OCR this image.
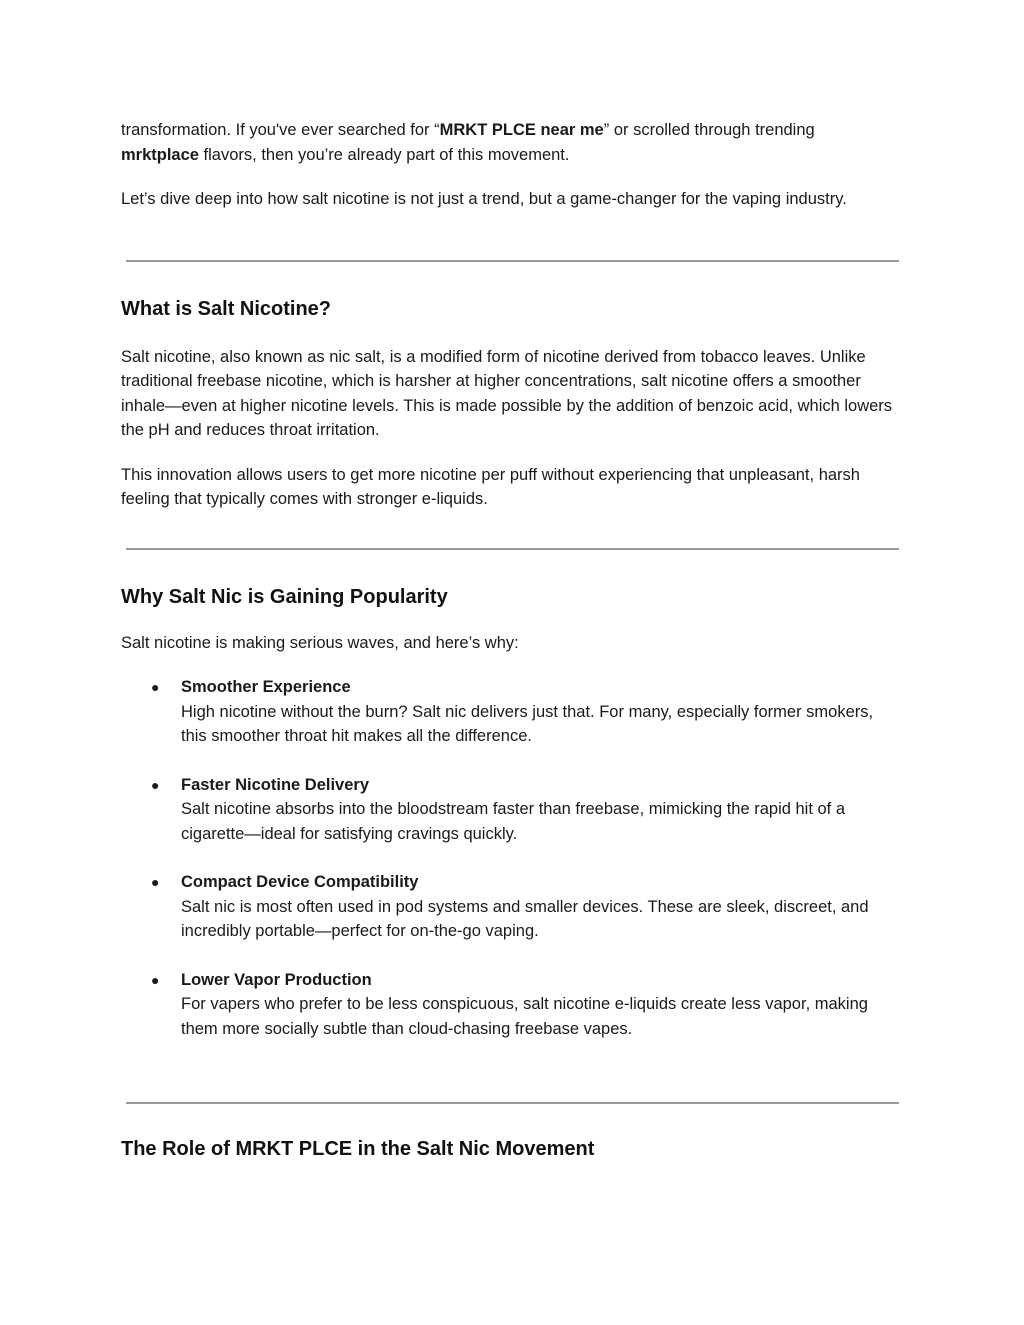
transformation. If you've ever searched for “MRKT PLCE near me” or scrolled through trending
mrktplace flavors, then you’re already part of this movement.

Let’s dive deep into how salt nicotine is not just a trend, but a game-changer for the vaping industry.

What is Salt Nicotine?

Salt nicotine, also known as nic salt, is a modified form of nicotine derived from tobacco leaves. Unlike traditional freebase nicotine, which is harsher at higher concentrations, salt nicotine offers a smoother inhale—even at higher nicotine levels. This is made possible by the addition of benzoic acid, which lowers the pH and reduces throat irritation.

This innovation allows users to get more nicotine per puff without experiencing that unpleasant, harsh feeling that typically comes with stronger e-liquids.

Why Salt Nic is Gaining Popularity

Salt nicotine is making serious waves, and here’s why:

● Smoother Experience
High nicotine without the burn? Salt nic delivers just that. For many, especially former smokers, this smoother throat hit makes all the difference.
● Faster Nicotine Delivery
Salt nicotine absorbs into the bloodstream faster than freebase, mimicking the rapid hit of a cigarette—ideal for satisfying cravings quickly.
● Compact Device Compatibility
Salt nic is most often used in pod systems and smaller devices. These are sleek, discreet, and incredibly portable—perfect for on-the-go vaping.
● Lower Vapor Production
For vapers who prefer to be less conspicuous, salt nicotine e-liquids create less vapor, making them more socially subtle than cloud-chasing freebase vapes.
The Role of MRKT PLCE in the Salt Nic Movement
